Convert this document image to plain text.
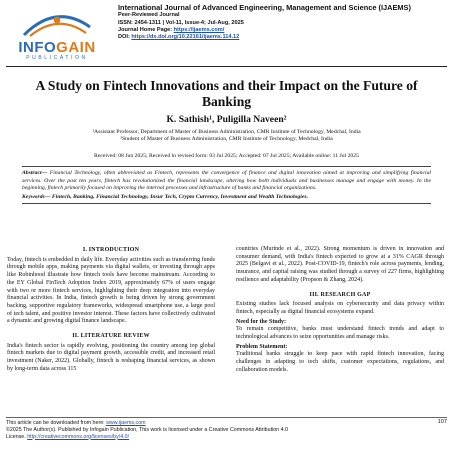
INFOGAIN
PUBLICATION
International Journal of Advanced Engineering, Management and Science (IJAEMS)
Peer-Reviewed Journal
ISSN: 2454-1311 | Vol-11, Issue-4; Jul-Aug, 2025
Journal Home Page: https://ijaems.com/
DOI: https://dx.doi.org/10.22161/ijaems.114.12
A Study on Fintech Innovations and their Impact on the Future of Banking
K. Sathish¹, Puligilla Naveen²
¹Assistant Professor, Department of Master of Business Administration, CMR Institute of Technology, Medchal, India
²Student of Master of Business Administration, CMR Institute of Technology, Medchal, India
Received: 08 Jun 2025; Received in revised form: 03 Jul 2025; Accepted: 07 Jul 2025; Available online: 11 Jul 2025
Abstract— Financial Technology, often abbreviated as Fintech, represents the convergence of finance and digital innovation aimed at improving and simplifying financial services. Over the past ten years, fintech has revolutionized the financial landscape, altering how both individuals and businesses manage and engage with money. In the beginning, fintech primarily focused on improving the internal processes and infrastructure of banks and financial organizations.
Keywords— Fintech, Banking, Financial Technology, Insur Tech, Crypto Currency, Investment and Wealth Technologies.
I. INTRODUCTION

Today, fintech is embedded in daily life. Everyday activities such as transferring funds through mobile apps, making payments via digital wallets, or investing through apps like Robinhood illustrate how fintech tools have become mainstream. According to the EY Global FinTech Adoption Index 2019, approximately 67% of users engage with two or more fintech services, highlighting their deep integration into everyday financial activities. In India, fintech growth is being driven by strong government backing, supportive regulatory frameworks, widespread smartphone use, a large pool of tech talent, and positive investor interest. These factors have collectively cultivated a dynamic and growing digital finance landscape.

II. LITERATURE REVIEW

India's fintech sector is rapidly evolving, positioning the country among top global fintech markets due to digital payment growth, accessible credit, and increased retail investment (Naker, 2022). Globally, fintech is reshaping financial services, as shown by long-term data across 115

countries (Murinde et al., 2022). Strong momentum is driven in innovation and consumer demand, with India's fintech expected to grow at a 31% CAGR through 2025 (Belgavi et al., 2022). Post-COVID-19, fintech's role across payments, lending, insurance, and capital raising was studied through a survey of 227 firms, highlighting resilience and adaptability (Propson & Zhang, 2024).

III. RESEARCH GAP

Existing studies lack focused analysis on cybersecurity and data privacy within fintech, especially as digital financial ecosystems expand.

Need for the Study:

To remain competitive, banks must understand fintech trends and adapt to technological advances to seize opportunities and manage risks.

Problem Statement:

Traditional banks struggle to keep pace with rapid fintech innovation, facing challenges in adapting to tech shifts, customer expectations, regulations, and collaboration models.

This article can be downloaded from here: www.ijaems.com
©2025 The Author(s). Published by Infogain Publication, This work is licensed under a Creative Commons Attribution 4.0
License. http://creativecommons.org/licenses/by/4.0/
107
